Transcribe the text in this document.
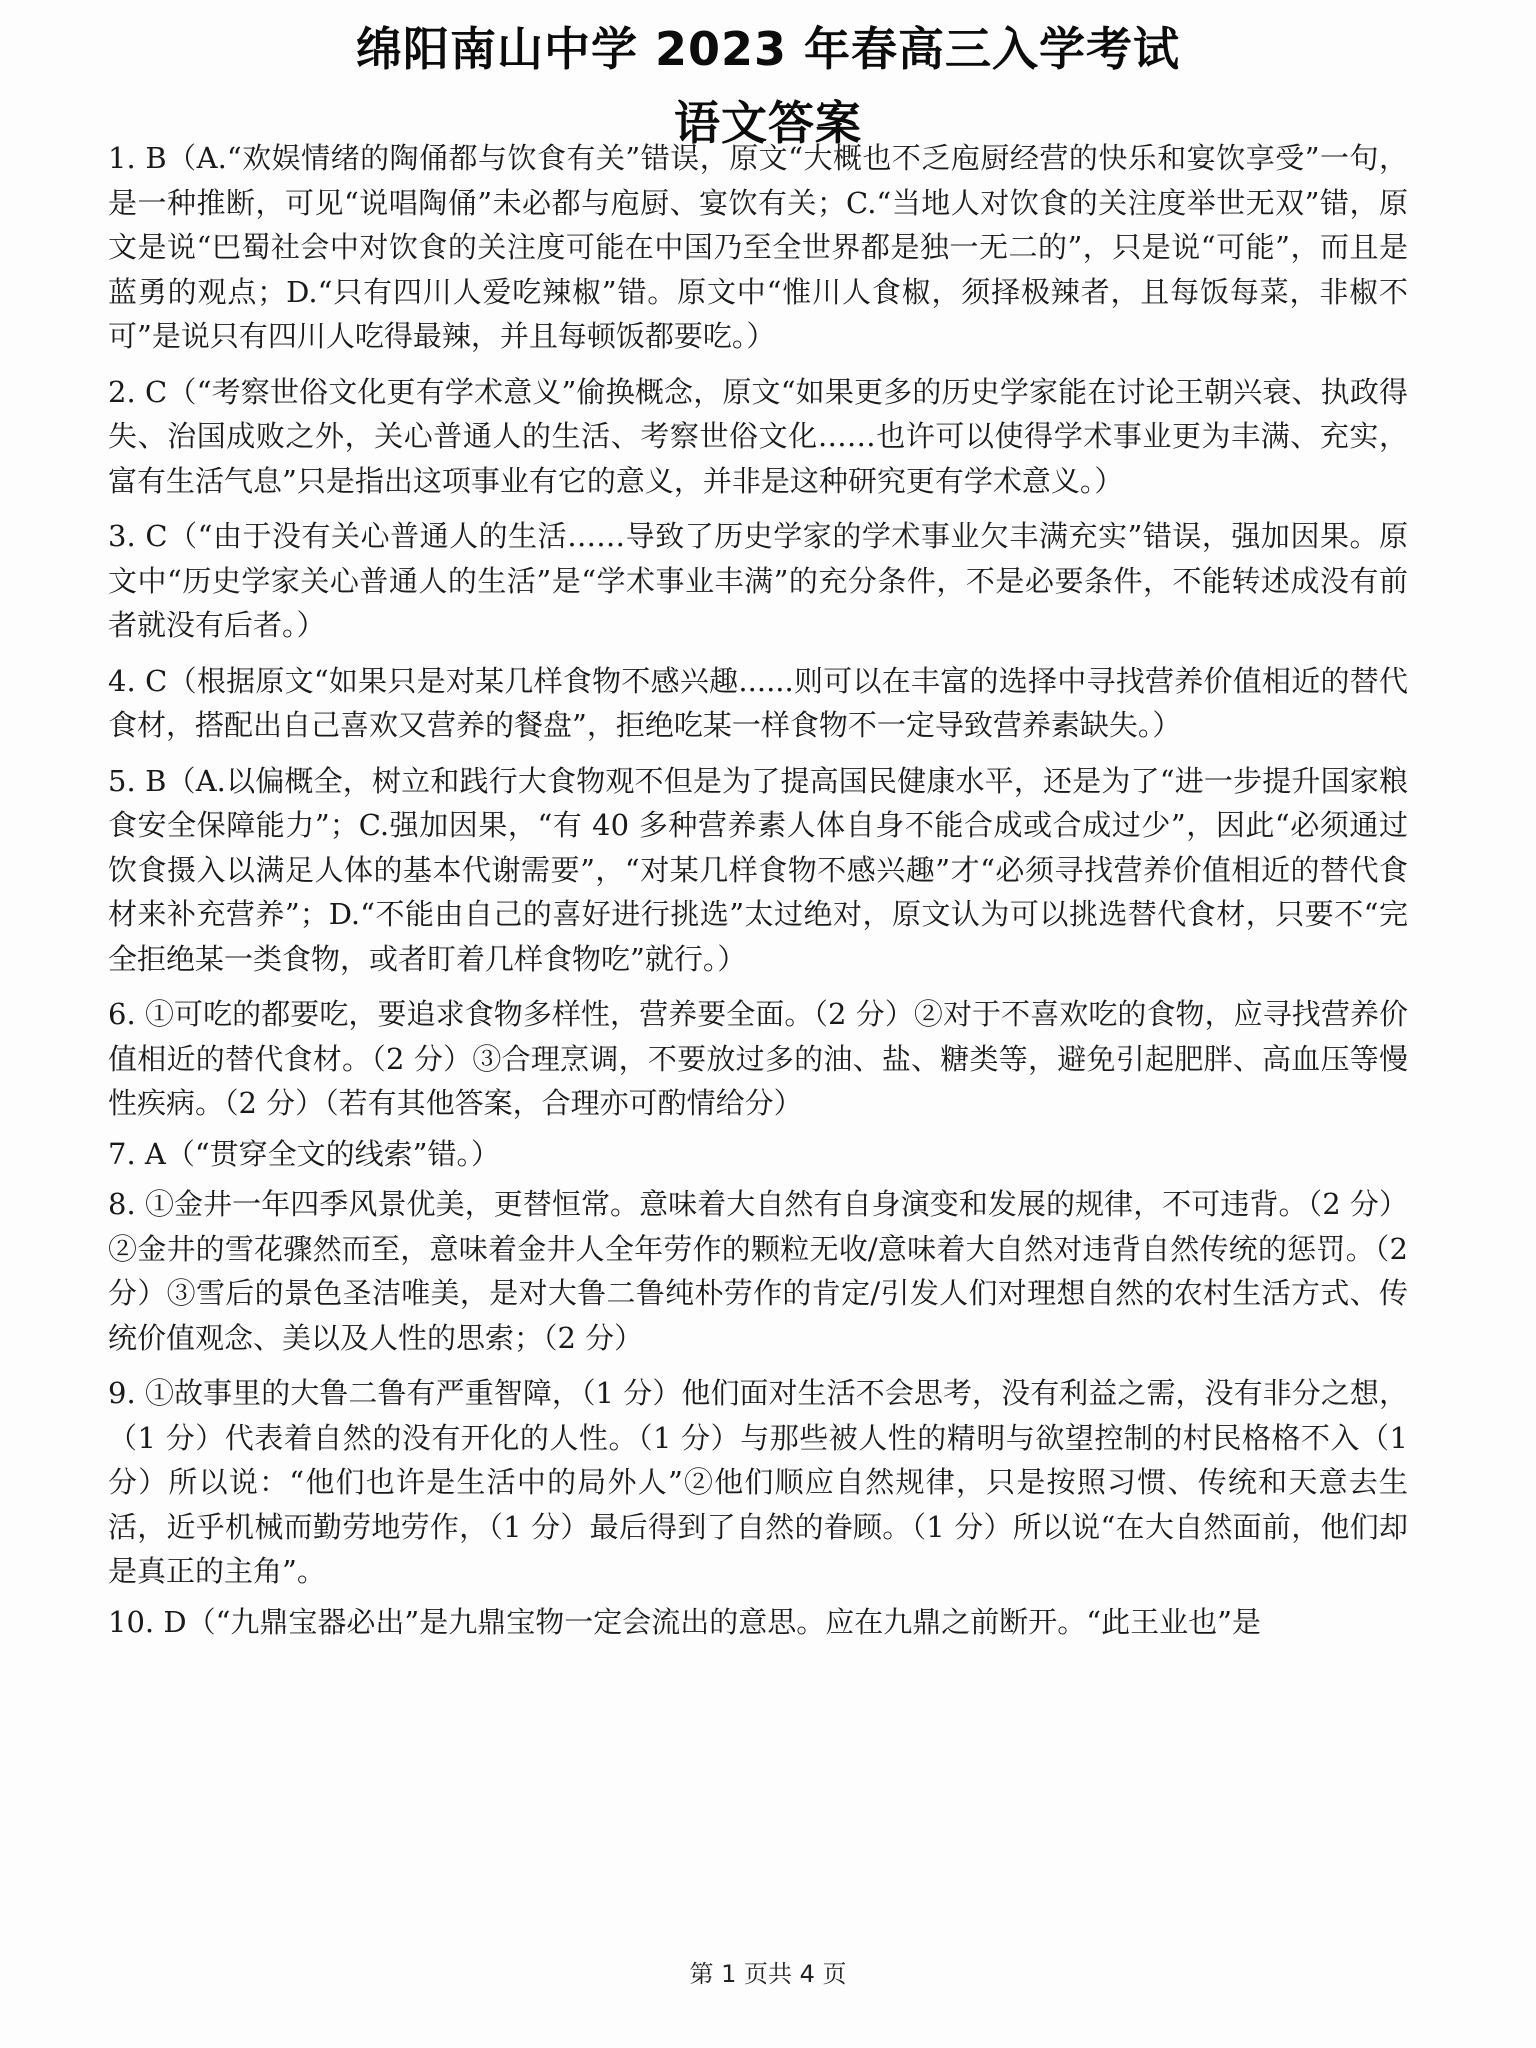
绵阳南山中学 2023 年春高三入学考试
语文答案

1. B（A.“欢娱情绪的陶俑都与饮食有关”错误，原文“大概也不乏庖厨经营的快乐和宴饮享受”一句，是一种推断，可见“说唱陶俑”未必都与庖厨、宴饮有关；C.“当地人对饮食的关注度举世无双”错，原文是说“巴蜀社会中对饮食的关注度可能在中国乃至全世界都是独一无二的”，只是说“可能”，而且是蓝勇的观点；D.“只有四川人爱吃辣椒”错。原文中“惟川人食椒，须择极辣者，且每饭每菜，非椒不可”是说只有四川人吃得最辣，并且每顿饭都要吃。）

2. C（“考察世俗文化更有学术意义”偷换概念，原文“如果更多的历史学家能在讨论王朝兴衰、执政得失、治国成败之外，关心普通人的生活、考察世俗文化……也许可以使得学术事业更为丰满、充实，富有生活气息”只是指出这项事业有它的意义，并非是这种研究更有学术意义。）

3. C（“由于没有关心普通人的生活……导致了历史学家的学术事业欠丰满充实”错误，强加因果。原文中“历史学家关心普通人的生活”是“学术事业丰满”的充分条件，不是必要条件，不能转述成没有前者就没有后者。）

4. C（根据原文“如果只是对某几样食物不感兴趣......则可以在丰富的选择中寻找营养价值相近的替代食材，搭配出自己喜欢又营养的餐盘”，拒绝吃某一样食物不一定导致营养素缺失。）

5. B（A.以偏概全，树立和践行大食物观不但是为了提高国民健康水平，还是为了“进一步提升国家粮食安全保障能力”；C.强加因果，“有 40 多种营养素人体自身不能合成或合成过少”，因此“必须通过饮食摄入以满足人体的基本代谢需要”，“对某几样食物不感兴趣”才“必须寻找营养价值相近的替代食材来补充营养”；D.“不能由自己的喜好进行挑选”太过绝对，原文认为可以挑选替代食材，只要不“完全拒绝某一类食物，或者盯着几样食物吃”就行。）

6. ①可吃的都要吃，要追求食物多样性，营养要全面。（2 分）②对于不喜欢吃的食物，应寻找营养价值相近的替代食材。（2 分）③合理烹调，不要放过多的油、盐、糖类等，避免引起肥胖、高血压等慢性疾病。（2 分）（若有其他答案，合理亦可酌情给分）

7. A（“贯穿全文的线索”错。）

8. ①金井一年四季风景优美，更替恒常。意味着大自然有自身演变和发展的规律，不可违背。（2 分）②金井的雪花骤然而至，意味着金井人全年劳作的颗粒无收/意味着大自然对违背自然传统的惩罚。（2 分）③雪后的景色圣洁唯美，是对大鲁二鲁纯朴劳作的肯定/引发人们对理想自然的农村生活方式、传统价值观念、美以及人性的思索；（2 分）

9. ①故事里的大鲁二鲁有严重智障，（1 分）他们面对生活不会思考，没有利益之需，没有非分之想，（1 分）代表着自然的没有开化的人性。（1 分）与那些被人性的精明与欲望控制的村民格格不入（1 分）所以说：“他们也许是生活中的局外人”②他们顺应自然规律，只是按照习惯、传统和天意去生活，近乎机械而勤劳地劳作，（1 分）最后得到了自然的眷顾。（1 分）所以说“在大自然面前，他们却是真正的主角”。

10. D（“九鼎宝器必出”是九鼎宝物一定会流出的意思。应在九鼎之前断开。“此王业也”是

第 1 页共 4 页
